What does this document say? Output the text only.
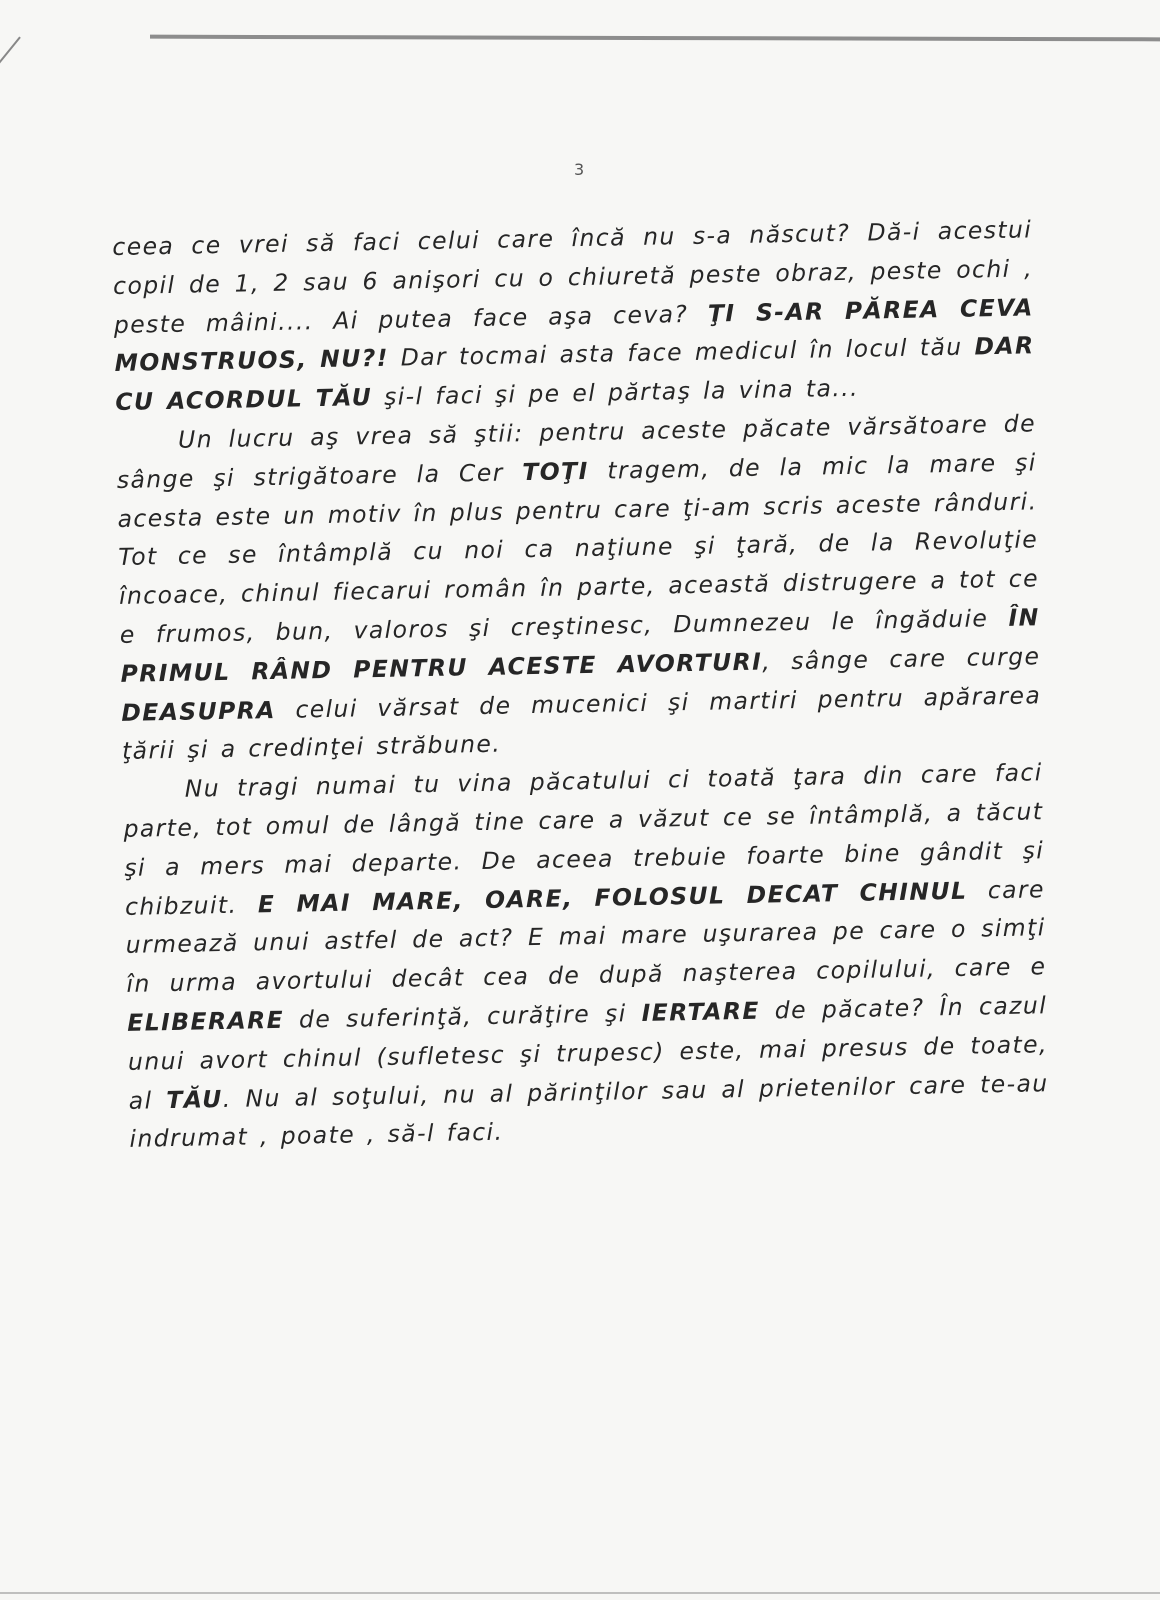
3

ceea ce vrei să faci celui care încă nu s-a născut? Dă-i acestui copil de 1, 2 sau 6 anişori cu o chiuretă peste obraz, peste ochi , peste mâini.... Ai putea face aşa ceva? ŢI S-AR PĂREA CEVA MONSTRUOS, NU?! Dar tocmai asta face medicul în locul tău DAR CU ACORDUL TĂU şi-l faci şi pe el părtaş la vina ta...

Un lucru aş vrea să ştii: pentru aceste păcate vărsătoare de sânge şi strigătoare la Cer TOŢI tragem, de la mic la mare şi acesta este un motiv în plus pentru care ţi-am scris aceste rânduri. Tot ce se întâmplă cu noi ca naţiune şi ţară, de la Revoluţie încoace, chinul fiecarui român în parte, această distrugere a tot ce e frumos, bun, valoros şi creştinesc, Dumnezeu le îngăduie ÎN PRIMUL RÂND PENTRU ACESTE AVORTURI, sânge care curge DEASUPRA celui vărsat de mucenici şi martiri pentru apărarea ţării şi a credinţei străbune.

Nu tragi numai tu vina păcatului ci toată ţara din care faci parte, tot omul de lângă tine care a văzut ce se întâmplă, a tăcut şi a mers mai departe. De aceea trebuie foarte bine gândit şi chibzuit. E MAI MARE, OARE, FOLOSUL DECAT CHINUL care urmează unui astfel de act? E mai mare uşurarea pe care o simţi în urma avortului decât cea de după naşterea copilului, care e ELIBERARE de suferinţă, curăţire şi IERTARE de păcate? În cazul unui avort chinul (sufletesc şi trupesc) este, mai presus de toate, al TĂU. Nu al soţului, nu al părinţilor sau al prietenilor care te-au indrumat , poate , să-l faci.
